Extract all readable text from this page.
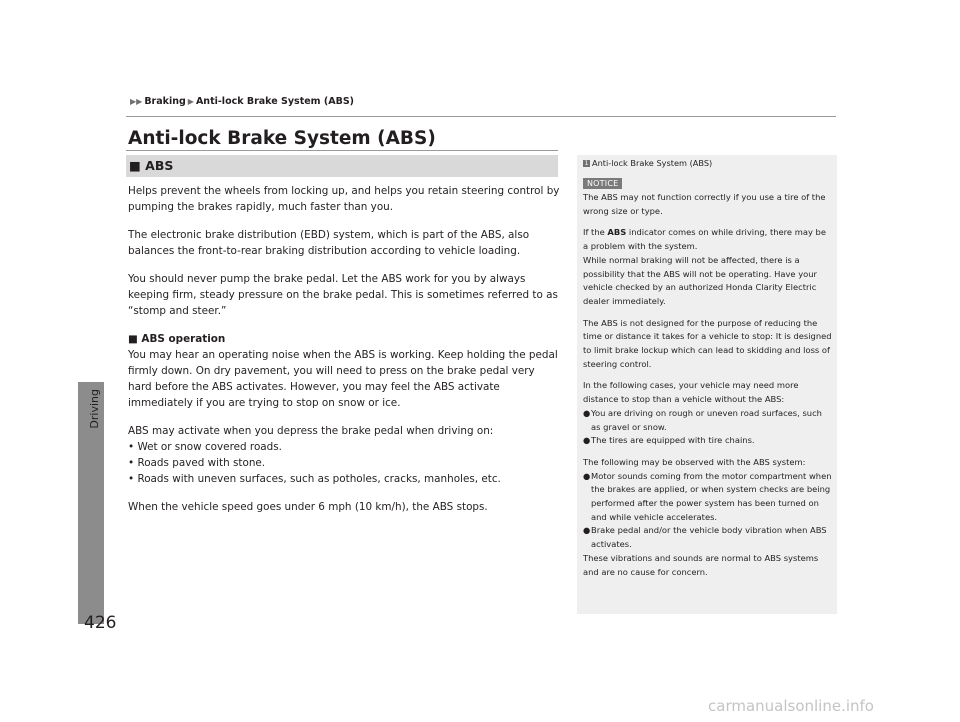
Driving
426
▶▶ Braking ▶ Anti-lock Brake System (ABS)
Anti-lock Brake System (ABS)
■ ABS

Helps prevent the wheels from locking up, and helps you retain steering control by pumping the brakes rapidly, much faster than you.

The electronic brake distribution (EBD) system, which is part of the ABS, also balances the front-to-rear braking distribution according to vehicle loading.

You should never pump the brake pedal. Let the ABS work for you by always keeping firm, steady pressure on the brake pedal. This is sometimes referred to as “stomp and steer.”

■ ABS operation

You may hear an operating noise when the ABS is working. Keep holding the pedal firmly down. On dry pavement, you will need to press on the brake pedal very hard before the ABS activates. However, you may feel the ABS activate immediately if you are trying to stop on snow or ice.

ABS may activate when you depress the brake pedal when driving on:

• Wet or snow covered roads.
• Roads paved with stone.
• Roads with uneven surfaces, such as potholes, cracks, manholes, etc.

When the vehicle speed goes under 6 mph (10 km/h), the ABS stops.

1 Anti-lock Brake System (ABS)
NOTICE

The ABS may not function correctly if you use a tire of the wrong size or type.

If the ABS indicator comes on while driving, there may be a problem with the system.

While normal braking will not be affected, there is a possibility that the ABS will not be operating. Have your vehicle checked by an authorized Honda Clarity Electric dealer immediately.

The ABS is not designed for the purpose of reducing the time or distance it takes for a vehicle to stop: It is designed to limit brake lockup which can lead to skidding and loss of steering control.

In the following cases, your vehicle may need more distance to stop than a vehicle without the ABS:

● You are driving on rough or uneven road surfaces, such as gravel or snow.
● The tires are equipped with tire chains.

The following may be observed with the ABS system:

● Motor sounds coming from the motor compartment when the brakes are applied, or when system checks are being performed after the power system has been turned on and while vehicle accelerates.
● Brake pedal and/or the vehicle body vibration when ABS activates.

These vibrations and sounds are normal to ABS systems and are no cause for concern.

carmanualsonline.info
